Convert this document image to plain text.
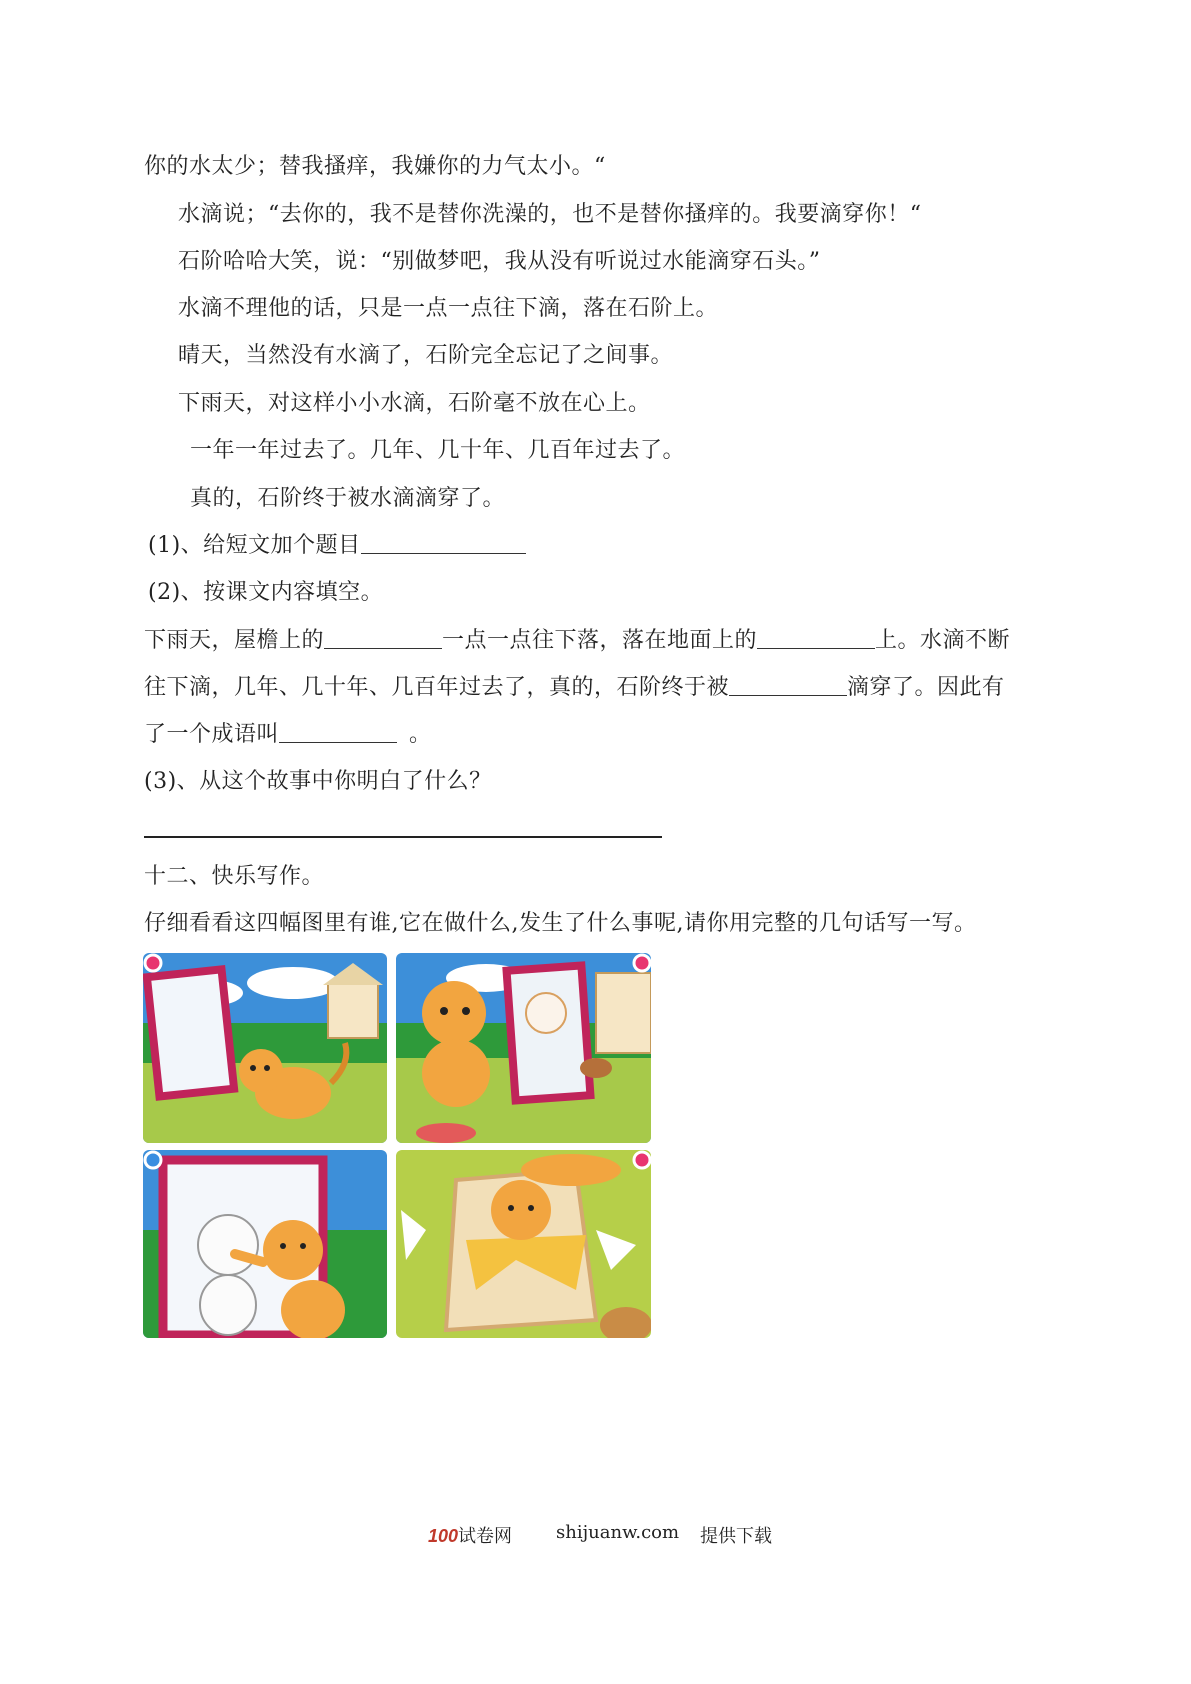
你的水太少；替我搔痒，我嫌你的力气太小。“
水滴说；“去你的，我不是替你洗澡的，也不是替你搔痒的。我要滴穿你！“
石阶哈哈大笑，说：“别做梦吧，我从没有听说过水能滴穿石头。”
水滴不理他的话，只是一点一点往下滴，落在石阶上。
晴天，当然没有水滴了，石阶完全忘记了之间事。
下雨天，对这样小小水滴，石阶毫不放在心上。
一年一年过去了。几年、几十年、几百年过去了。
真的，石阶终于被水滴滴穿了。
(1)、给短文加个题目
(2)、按课文内容填空。
下雨天，屋檐上的	一点一点往下落，落在地面上的	上。水滴不断
往下滴，几年、几十年、几百年过去了，真的，石阶终于被	滴穿了。因此有
了一个成语叫	。
(3)、从这个故事中你明白了什么？
十二、快乐写作。
仔细看看这四幅图里有谁,它在做什么,发生了什么事呢,请你用完整的几句话写一写。
100试卷网 shijuanw.com 提供下载
